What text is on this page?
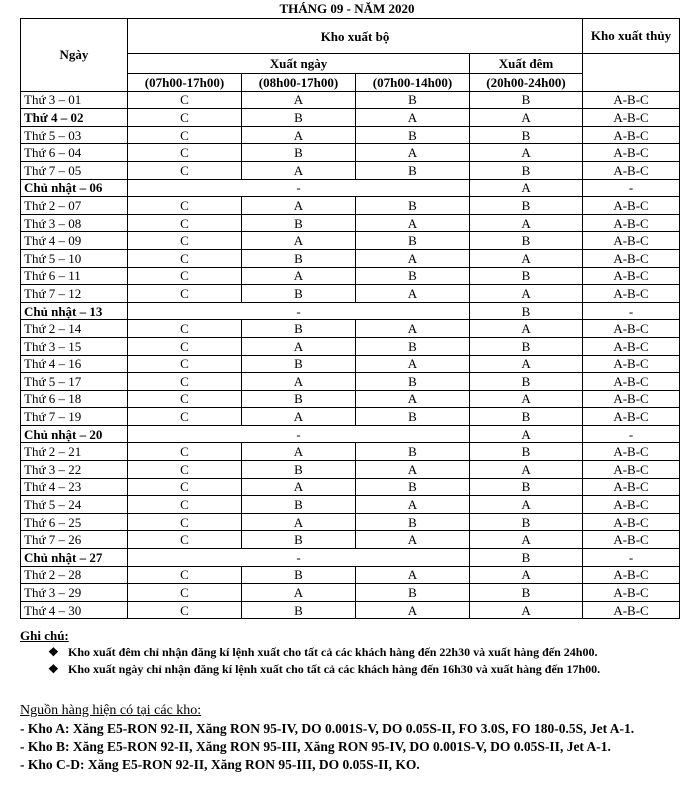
THÁNG 09 - NĂM 2020
Ngày	Kho xuất bộ				Kho xuất thủy
	Xuất ngày			Xuất đêm	
	(07h00-17h00)	(08h00-17h00)	(07h00-14h00)	(20h00-24h00)	
Thứ 3 – 01	C	A	B	B	A-B-C
Thứ 4 – 02	C	B	A	A	A-B-C
Thứ 5 – 03	C	A	B	B	A-B-C
Thứ 6 – 04	C	B	A	A	A-B-C
Thứ 7 – 05	C	A	B	B	A-B-C
Chủ nhật – 06	-			A	-
Thứ 2 – 07	C	A	B	B	A-B-C
Thứ 3 – 08	C	B	A	A	A-B-C
Thứ 4 – 09	C	A	B	B	A-B-C
Thứ 5 – 10	C	B	A	A	A-B-C
Thứ 6 – 11	C	A	B	B	A-B-C
Thứ 7 – 12	C	B	A	A	A-B-C
Chủ nhật – 13	-			B	-
Thứ 2 – 14	C	B	A	A	A-B-C
Thứ 3 – 15	C	A	B	B	A-B-C
Thứ 4 – 16	C	B	A	A	A-B-C
Thứ 5 – 17	C	A	B	B	A-B-C
Thứ 6 – 18	C	B	A	A	A-B-C
Thứ 7 – 19	C	A	B	B	A-B-C
Chủ nhật – 20	-			A	-
Thứ 2 – 21	C	A	B	B	A-B-C
Thứ 3 – 22	C	B	A	A	A-B-C
Thứ 4 – 23	C	A	B	B	A-B-C
Thứ 5 – 24	C	B	A	A	A-B-C
Thứ 6 – 25	C	A	B	B	A-B-C
Thứ 7 – 26	C	B	A	A	A-B-C
Chủ nhật – 27	-			B	-
Thứ 2 – 28	C	B	A	A	A-B-C
Thứ 3 – 29	C	A	B	B	A-B-C
Thứ 4 – 30	C	B	A	A	A-B-C

Ghi chú:

❖ Kho xuất đêm chỉ nhận đăng kí lệnh xuất cho tất cả các khách hàng đến 22h30 và xuất hàng đến 24h00.
❖ Kho xuất ngày chỉ nhận đăng kí lệnh xuất cho tất cả các khách hàng đến 16h30 và xuất hàng đến 17h00.

Nguồn hàng hiện có tại các kho:

- Kho A: Xăng E5-RON 92-II, Xăng RON 95-IV, DO 0.001S-V, DO 0.05S-II, FO 3.0S, FO 180-0.5S, Jet A-1.

- Kho B: Xăng E5-RON 92-II, Xăng RON 95-III, Xăng RON 95-IV, DO 0.001S-V, DO 0.05S-II, Jet A-1.

- Kho C-D: Xăng E5-RON 92-II, Xăng RON 95-III, DO 0.05S-II, KO.
